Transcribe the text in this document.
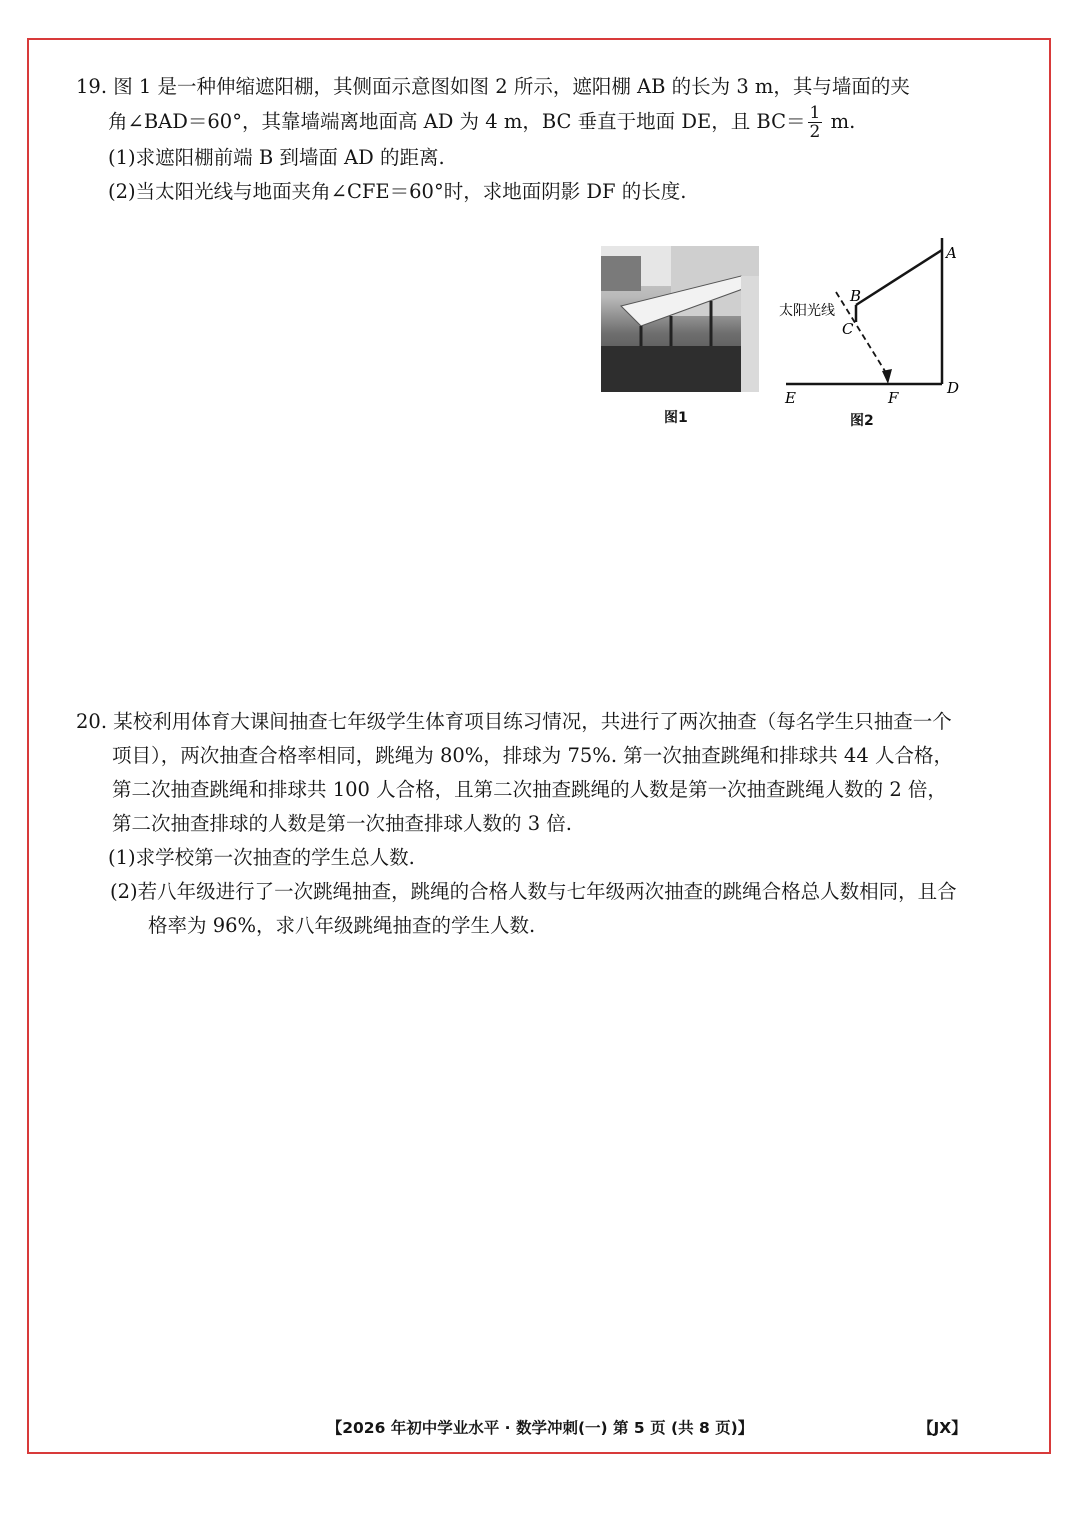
19. 图 1 是一种伸缩遮阳棚，其侧面示意图如图 2 所示，遮阳棚 AB 的长为 3 m，其与墙面的夹

角∠BAD＝60°，其靠墙端离地面高 AD 为 4 m，BC 垂直于地面 DE，且 $BC= \frac{1}{2} m$.

(1)求遮阳棚前端 B 到墙面 AD 的距离.

(2)当太阳光线与地面夹角∠CFE＝60°时，求地面阴影 DF 的长度.

图1
A
B
C
D
E	F
太阳光线
图2

20. 某校利用体育大课间抽查七年级学生体育项目练习情况，共进行了两次抽查（每名学生只抽查一个项目），两次抽查合格率相同，跳绳为 80%，排球为 75%. 第一次抽查跳绳和排球共 44 人合格，第二次抽查跳绳和排球共 100 人合格，且第二次抽查跳绳的人数是第一次抽查跳绳人数的 2 倍，第二次抽查排球的人数是第一次抽查排球人数的 3 倍.

(1)求学校第一次抽查的学生总人数.

(2)若八年级进行了一次跳绳抽查，跳绳的合格人数与七年级两次抽查的跳绳合格总人数相同，且合格率为 96%，求八年级跳绳抽查的学生人数.

【2026 年初中学业水平 · 数学冲刺(一) 第 5 页 (共 8 页)】	【JX】
